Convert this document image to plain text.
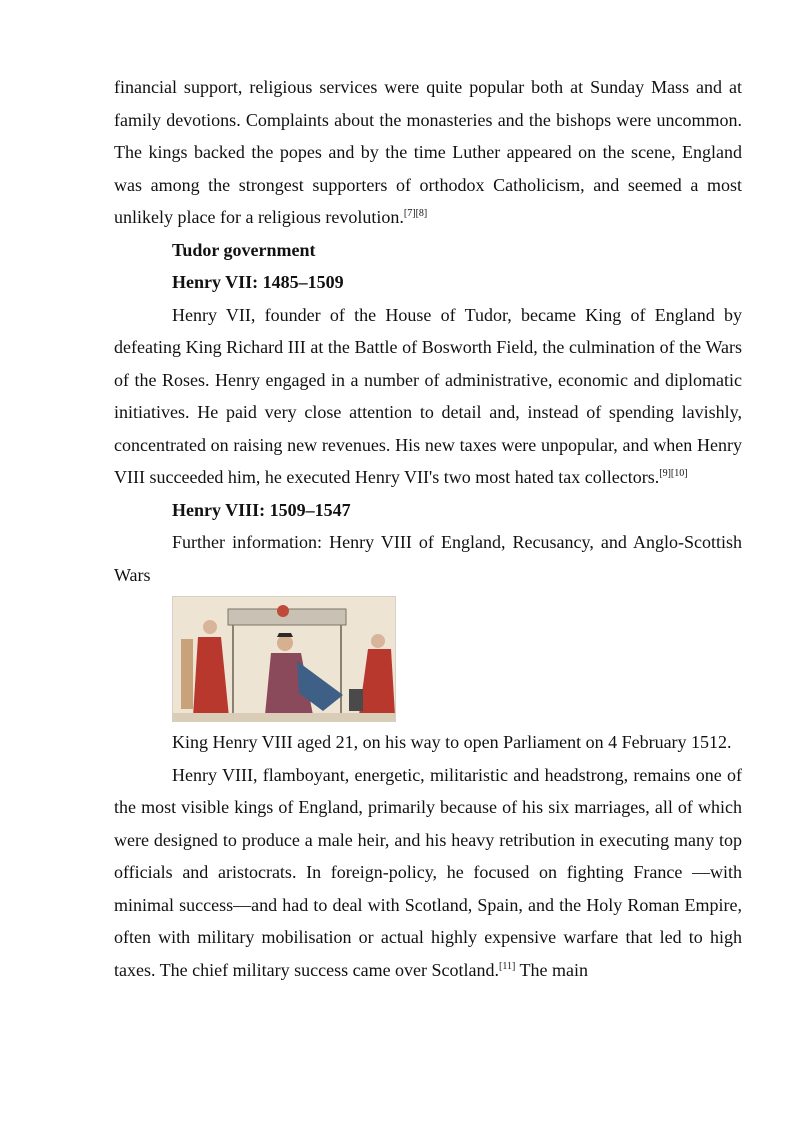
financial support, religious services were quite popular both at Sunday Mass and at family devotions. Complaints about the monasteries and the bishops were uncommon. The kings backed the popes and by the time Luther appeared on the scene, England was among the strongest supporters of orthodox Catholicism, and seemed a most unlikely place for a religious revolution.[7][8]

Tudor government

Henry VII: 1485–1509

Henry VII, founder of the House of Tudor, became King of England by defeating King Richard III at the Battle of Bosworth Field, the culmination of the Wars of the Roses. Henry engaged in a number of administrative, economic and diplomatic initiatives. He paid very close attention to detail and, instead of spending lavishly, concentrated on raising new revenues. His new taxes were unpopular, and when Henry VIII succeeded him, he executed Henry VII's two most hated tax collectors.[9][10]

Henry VIII: 1509–1547

Further information: Henry VIII of England, Recusancy, and Anglo-Scottish Wars

King Henry VIII aged 21, on his way to open Parliament on 4 February 1512.

Henry VIII, flamboyant, energetic, militaristic and headstrong, remains one of the most visible kings of England, primarily because of his six marriages, all of which were designed to produce a male heir, and his heavy retribution in executing many top officials and aristocrats. In foreign-policy, he focused on fighting France —with minimal success—and had to deal with Scotland, Spain, and the Holy Roman Empire, often with military mobilisation or actual highly expensive warfare that led to high taxes. The chief military success came over Scotland.[11] The main
